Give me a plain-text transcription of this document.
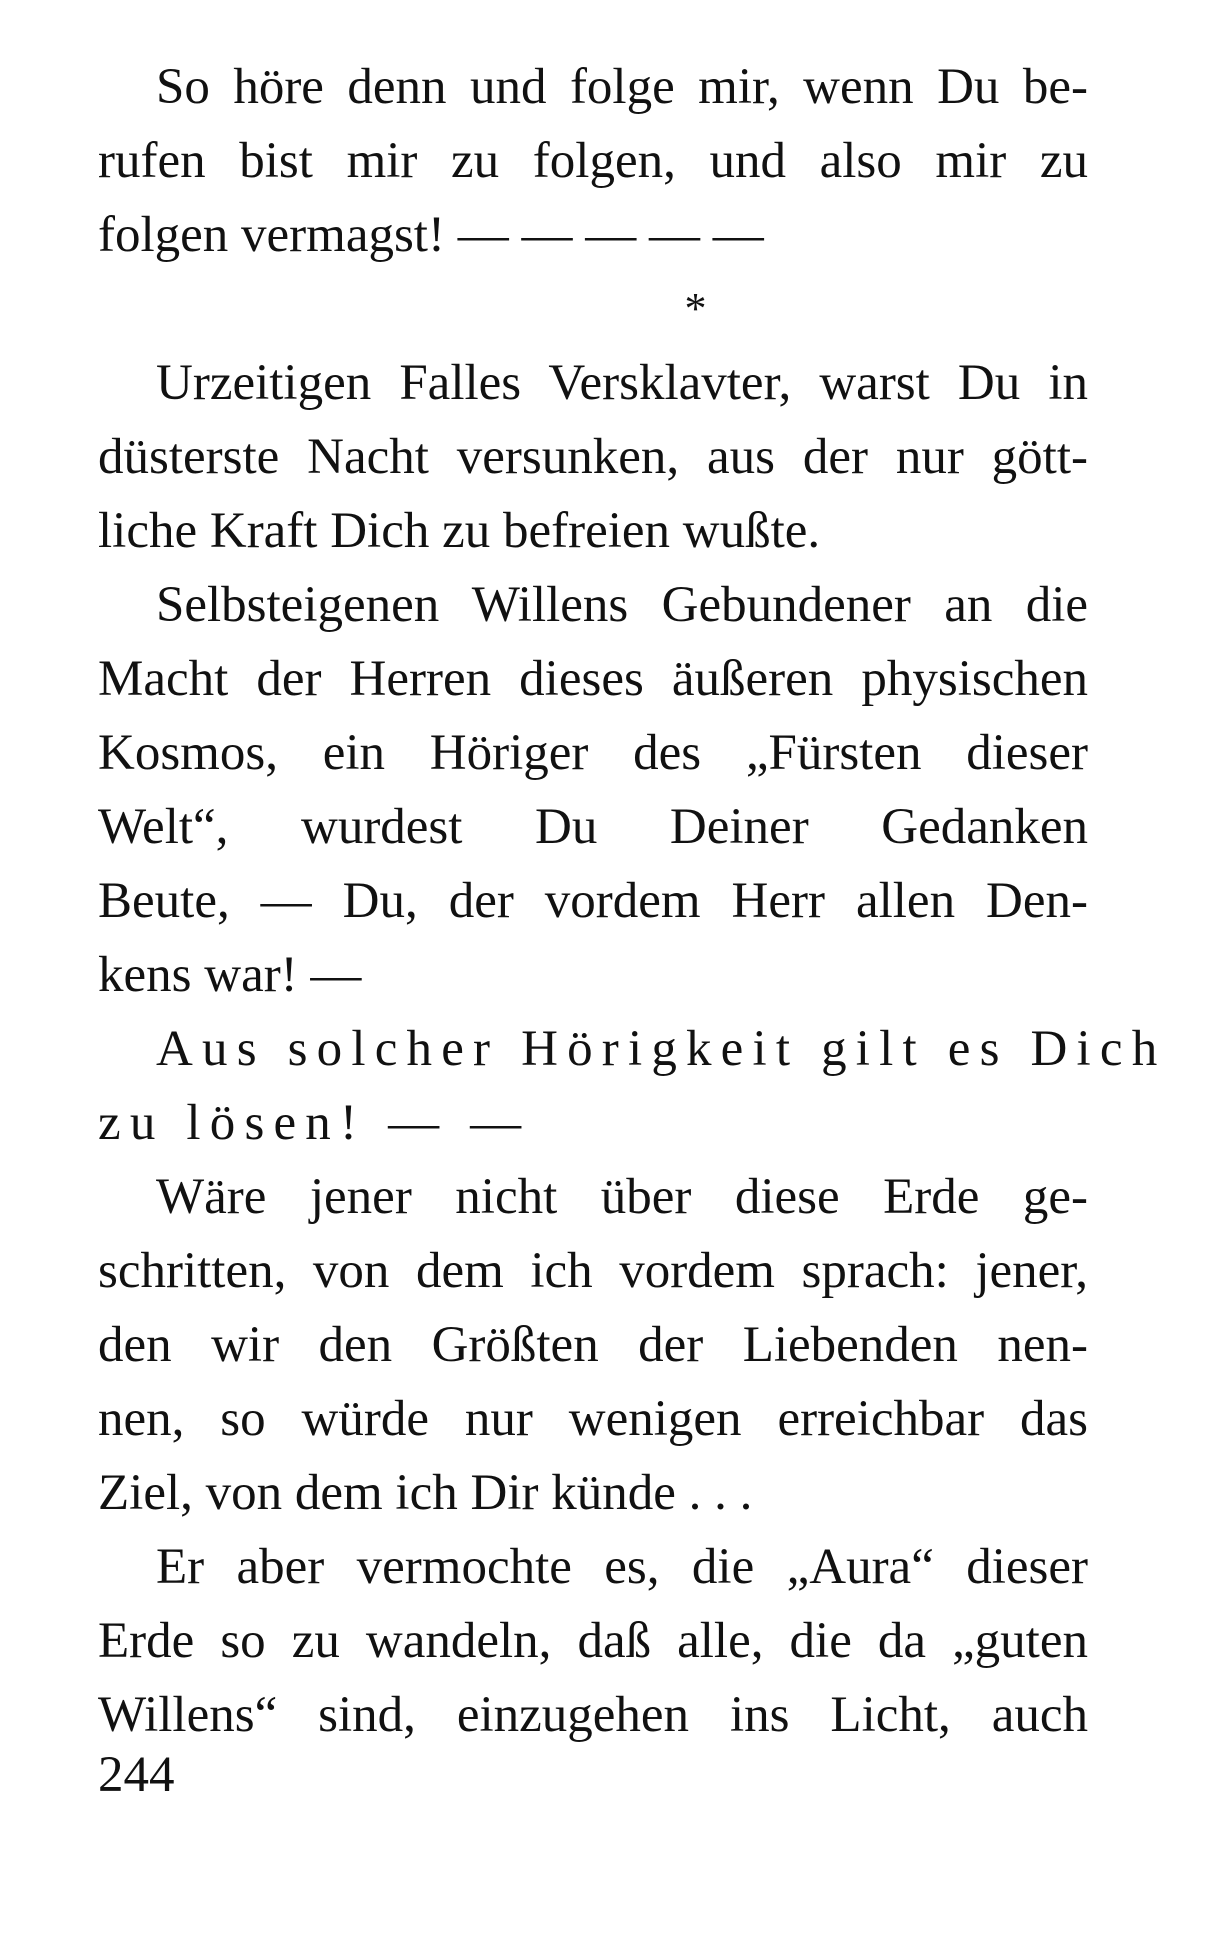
So höre denn und folge mir, wenn Du be-
rufen bist mir zu folgen, und also mir zu
folgen vermagst! — — — — —
*
Urzeitigen Falles Versklavter, warst Du in
düsterste Nacht versunken, aus der nur gött-
liche Kraft Dich zu befreien wußte.
Selbsteigenen Willens Gebundener an die
Macht der Herren dieses äußeren physischen
Kosmos, ein Höriger des „Fürsten dieser
Welt“, wurdest Du Deiner Gedanken
Beute, — Du, der vordem Herr allen Den-
kens war! —
Aus solcher Hörigkeit gilt es Dich
zu lösen! — —
Wäre jener nicht über diese Erde ge-
schritten, von dem ich vordem sprach: jener,
den wir den Größten der Liebenden nen-
nen, so würde nur wenigen erreichbar das
Ziel, von dem ich Dir künde . . .
Er aber vermochte es, die „Aura“ dieser
Erde so zu wandeln, daß alle, die da „guten
Willens“ sind, einzugehen ins Licht, auch
244
